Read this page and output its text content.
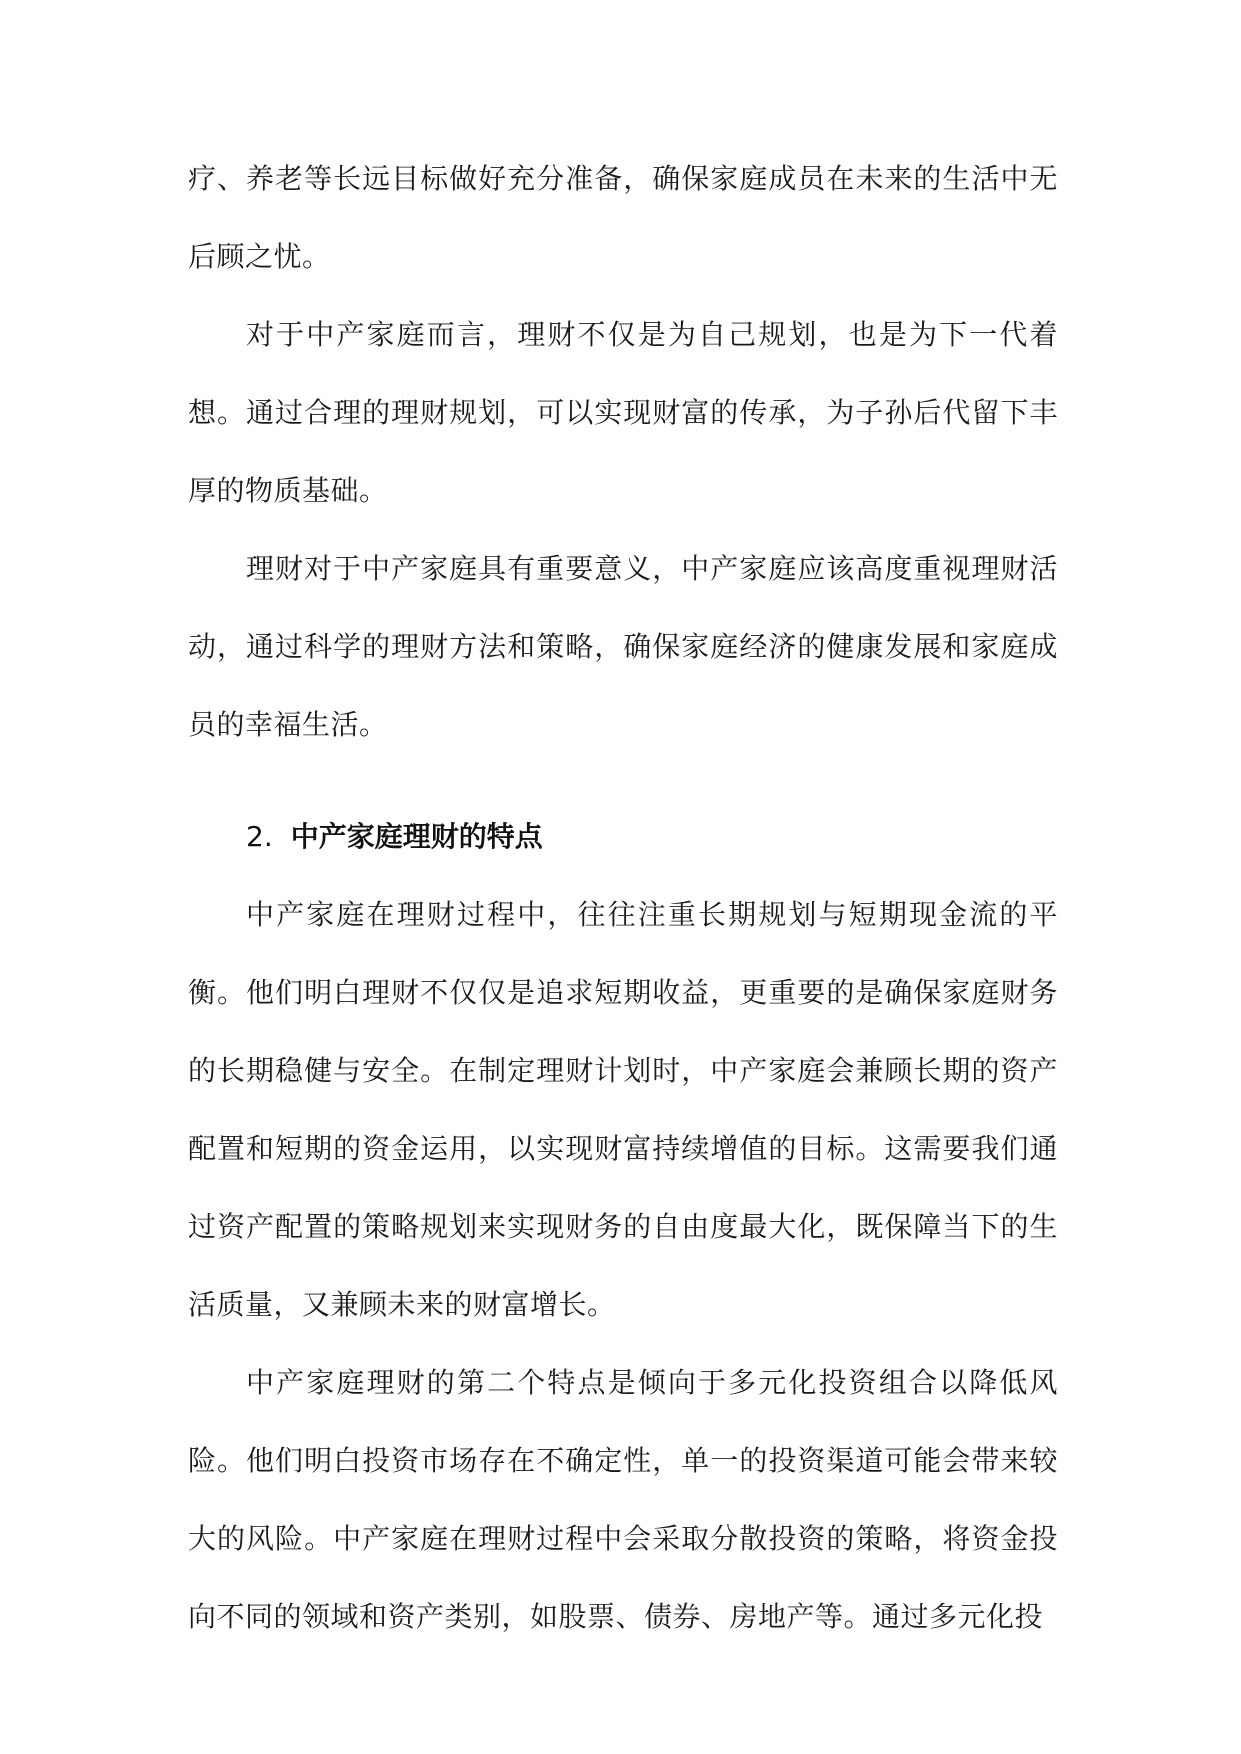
疗、养老等长远目标做好充分准备，确保家庭成员在未来的生活中无后顾之忧。

对于中产家庭而言，理财不仅是为自己规划，也是为下一代着想。通过合理的理财规划，可以实现财富的传承，为子孙后代留下丰厚的物质基础。

理财对于中产家庭具有重要意义，中产家庭应该高度重视理财活动，通过科学的理财方法和策略，确保家庭经济的健康发展和家庭成员的幸福生活。

2. 中产家庭理财的特点

中产家庭在理财过程中，往往注重长期规划与短期现金流的平衡。他们明白理财不仅仅是追求短期收益，更重要的是确保家庭财务的长期稳健与安全。在制定理财计划时，中产家庭会兼顾长期的资产配置和短期的资金运用，以实现财富持续增值的目标。这需要我们通过资产配置的策略规划来实现财务的自由度最大化，既保障当下的生活质量，又兼顾未来的财富增长。

中产家庭理财的第二个特点是倾向于多元化投资组合以降低风险。他们明白投资市场存在不确定性，单一的投资渠道可能会带来较大的风险。中产家庭在理财过程中会采取分散投资的策略，将资金投向不同的领域和资产类别，如股票、债券、房地产等。通过多元化投
